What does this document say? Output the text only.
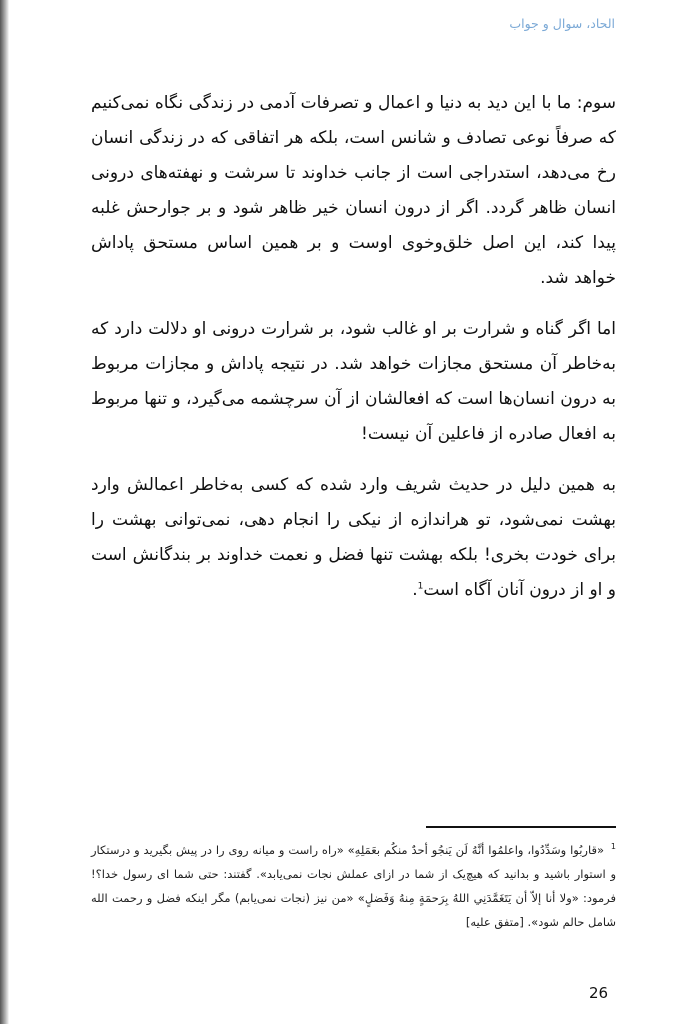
الحاد، سوال و جواب

سوم: ما با این دید به دنیا و اعمال و تصرفات آدمی در زندگی نگاه نمی‌کنیم که صرفاً نوعی تصادف و شانس است، بلکه هر اتفاقی که در زندگی انسان رخ می‌دهد، استدراجی است از جانب خداوند تا سرشت و نهفته‌های درونی انسان ظاهر گردد. اگر از درون انسان خیر ظاهر شود و بر جوارحش غلبه پیدا کند، این اصل خلق‌وخوی اوست و بر همین اساس مستحق پاداش خواهد شد.

اما اگر گناه و شرارت بر او غالب شود، بر شرارت درونی او دلالت دارد که به‌خاطر آن مستحق مجازات خواهد شد. در نتیجه پاداش و مجازات مربوط به درون انسان‌ها است که افعالشان از آن سرچشمه می‌گیرد، و تنها مربوط به افعال صادره از فاعلین آن نیست!

به همین دلیل در حدیث شریف وارد شده که کسی به‌خاطر اعمالش وارد بهشت نمی‌شود، تو هراندازه از نیکی را انجام دهی، نمی‌توانی بهشت را برای خودت بخری! بلکه بهشت تنها فضل و نعمت خداوند بر بندگانش است و او از درون آنان آگاه است$^1$.

$^1$ «قاربُوا وسَدِّدُوا، واعلمُوا أنَّهُ لَن يَنجُو أحدٌ منكُم بعَمَلِهِ» «راه راست و میانه روی را در پیش بگیرید و درستکار و استوار باشید و بدانید که هیچ‌یک از شما در ازای عملش نجات نمی‌یابد». گفتند: حتی شما ای رسول خدا؟! فرمود: «ولا أنا إلاّ أن يَتَغَمَّدَنِي اللهُ بِرَحمَةٍ مِنهُ وَفَضلٍ» «من نیز (نجات نمی‌یابم) مگر اینکه فضل و رحمت الله شامل حالم شود». [متفق علیه]
26
